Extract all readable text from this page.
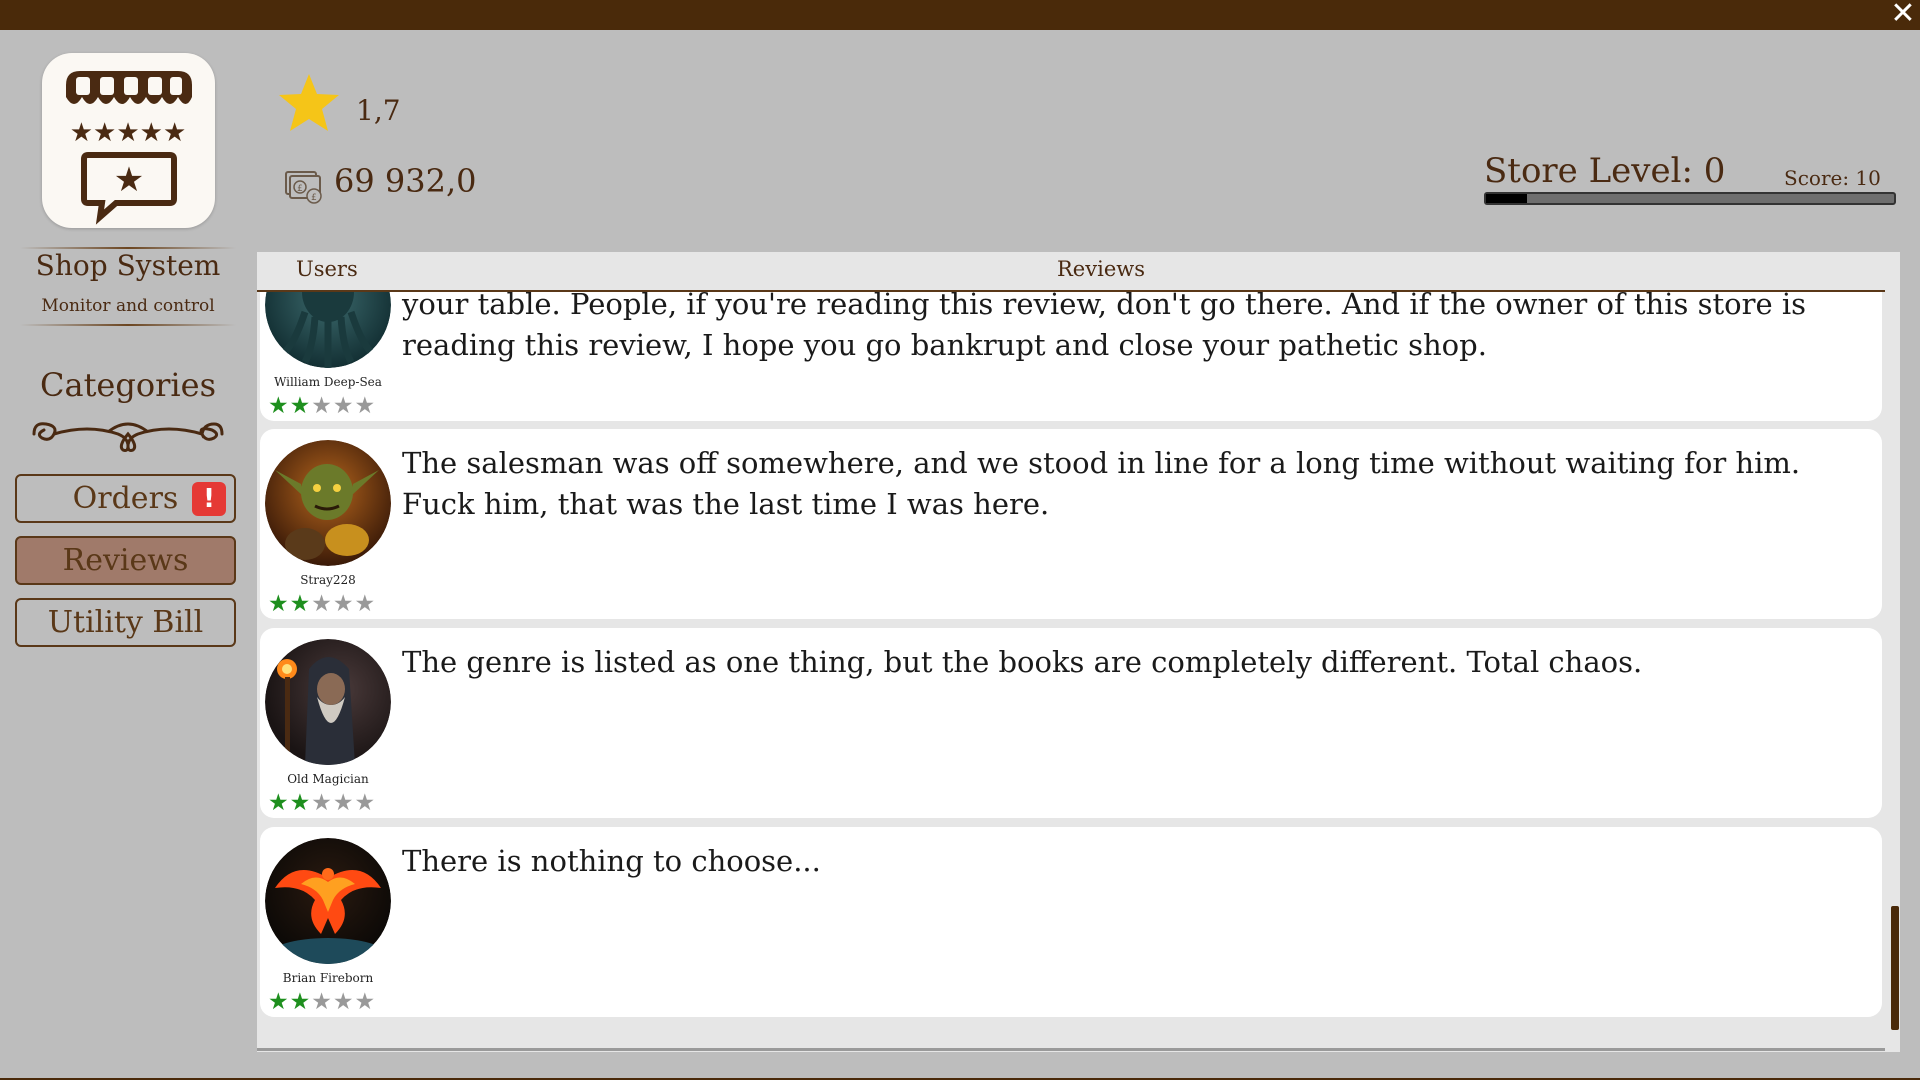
✕
★★★★★
★
Shop System
Monitor and control
Categories
Orders !
Reviews
Utility Bill
1,7
£
£ 69 932,0	Store Level: 0	Score: 10
Users	Reviews
William Deep-Sea
★★★★★
your table. People, if you're reading this review, don't go there. And if the owner of this store is reading this review, I hope you go bankrupt and close your pathetic shop.
Stray228
★★★★★
The salesman was off somewhere, and we stood in line for a long time without waiting for him. Fuck him, that was the last time I was here.
Old Magician
★★★★★
The genre is listed as one thing, but the books are completely different. Total chaos.
Brian Fireborn
★★★★★
There is nothing to choose...
